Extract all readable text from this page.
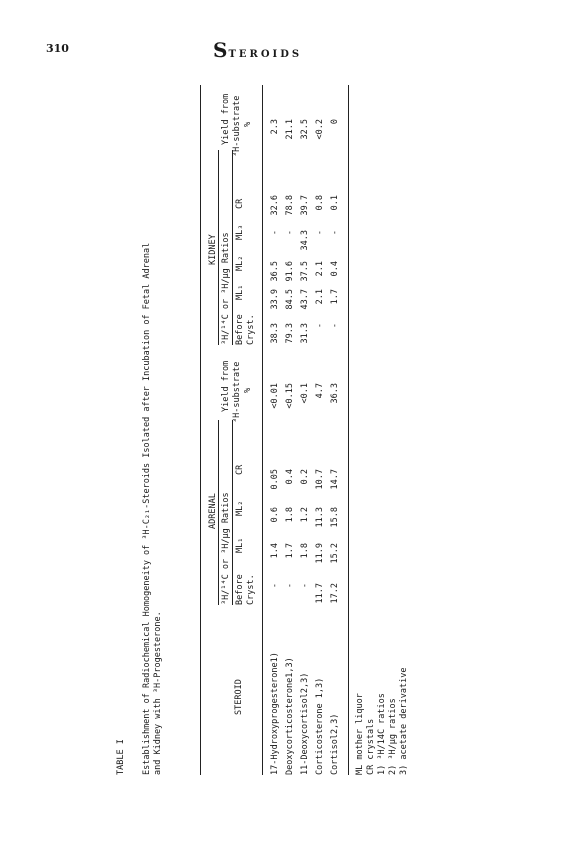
310	STEROIDS
TABLE I Establishment of Radiochemical Homogeneity of ³H-C₂₁-Steroids Isolated after Incubation of Fetal Adrenal and Kidney with ³H-Progesterone.	STEROID
ADRENAL ³H/¹⁴C or ³H/μg Ratios Before Cryst.
ML₁
ML₂
CR
Yield from ³H-substrate %
KIDNEY ³H/¹⁴C or ³H/μg Ratios Before Cryst.
ML₁
ML₂
ML₃
CR
Yield from ³H-substrate %
17-Hydroxyprogesterone1)
-
1.4
0.6
0.05
<0.01
38.3
33.9
36.5
-
32.6
2.3
Deoxycorticosterone1,3)
-
1.7
1.8
0.4
<0.15
79.3
84.5
91.6
-
78.8
21.1
11-Deoxycortisol2,3)
-
1.8
1.2
0.2
<0.1
31.3
43.7
37.5
34.3
39.7
32.5
Corticosterone 1,3)
11.7
11.9
11.3
10.7
4.7
-
2.1
2.1
-
0.8
<0.2
Cortisol2,3)
17.2
15.2
15.8
14.7
36.3
-
1.7
0.4
-
0.1
0
ML mother liquor CR crystals 1) ³H/14C ratios 2) ³H/μg ratios 3) acetate derivative
